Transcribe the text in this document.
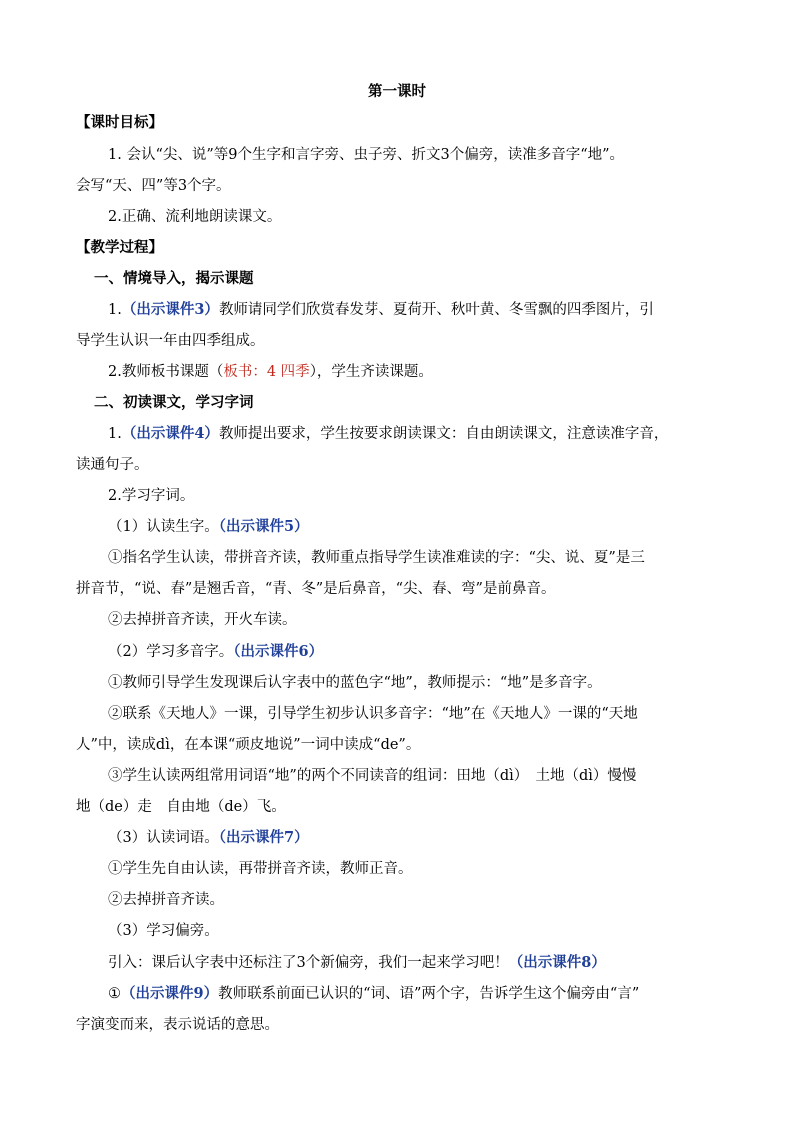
第一课时
【课时目标】
1. 会认“尖、说”等9个生字和言字旁、虫子旁、折文3个偏旁，读准多音字“地”。
会写“天、四”等3个字。
2.正确、流利地朗读课文。
【教学过程】
一、情境导入，揭示课题
1.（出示课件3）教师请同学们欣赏春发芽、夏荷开、秋叶黄、冬雪飘的四季图片，引
导学生认识一年由四季组成。
2.教师板书课题（板书：4 四季），学生齐读课题。
二、初读课文，学习字词
1.（出示课件4）教师提出要求，学生按要求朗读课文：自由朗读课文，注意读准字音，
读通句子。
2.学习字词。
（1）认读生字。（出示课件5）
①指名学生认读，带拼音齐读，教师重点指导学生读准难读的字：“尖、说、夏”是三
拼音节，“说、春”是翘舌音，“青、冬”是后鼻音，“尖、春、弯”是前鼻音。
②去掉拼音齐读，开火车读。
（2）学习多音字。（出示课件6）
①教师引导学生发现课后认字表中的蓝色字“地”，教师提示：“地”是多音字。
②联系《天地人》一课，引导学生初步认识多音字：“地”在《天地人》一课的“天地
人”中，读成dì，在本课“顽皮地说”一词中读成“de”。
③学生认读两组常用词语“地”的两个不同读音的组词：田地（dì）　土地（dì）慢慢
地（de）走　自由地（de）飞。
（3）认读词语。（出示课件7）
①学生先自由认读，再带拼音齐读，教师正音。
②去掉拼音齐读。
（3）学习偏旁。
引入：课后认字表中还标注了3个新偏旁，我们一起来学习吧！（出示课件8）
①（出示课件9）教师联系前面已认识的“词、语”两个字，告诉学生这个偏旁由“言”
字演变而来，表示说话的意思。
